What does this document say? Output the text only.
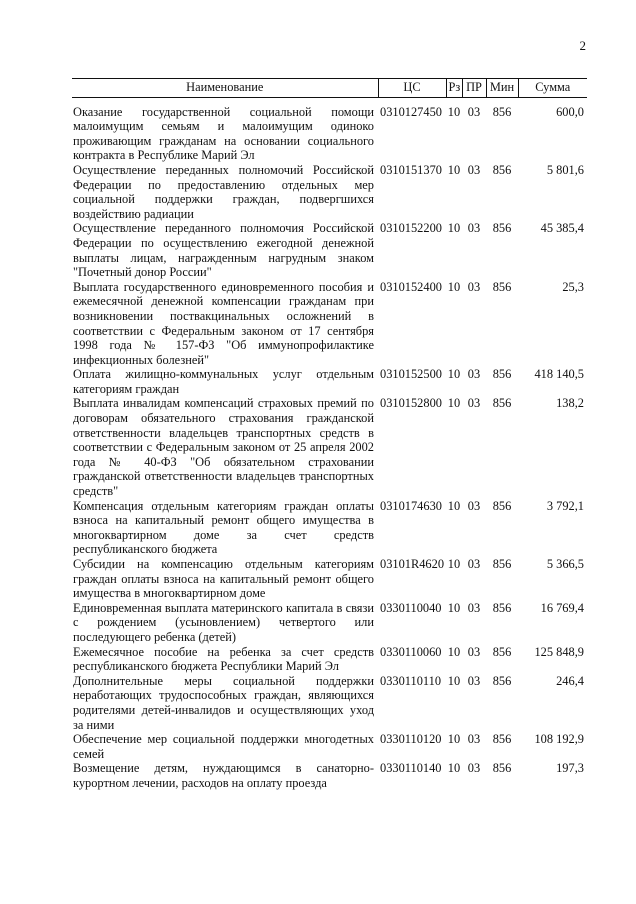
2
Наименование	ЦС	Рз	ПР	Мин	Сумма
Оказание государственной социальной помощи малоимущим семьям и малоимущим одиноко проживающим гражданам на основании социального контракта в Республике Марий Эл	0310127450	10	03	856	600,0
Осуществление переданных полномочий Российской Федерации по предоставлению отдельных мер социальной поддержки граждан, подвергшихся воздействию радиации	0310151370	10	03	856	5 801,6
Осуществление переданного полномочия Российской Федерации по осуществлению ежегодной денежной выплаты лицам, награжденным нагрудным знаком "Почетный донор России"	0310152200	10	03	856	45 385,4
Выплата государственного единовременного пособия и ежемесячной денежной компенсации гражданам при возникновении поствакцинальных осложнений в соответствии с Федеральным законом от 17 сентября 1998 года № 157-ФЗ "Об иммунопрофилактике инфекционных болезней"	0310152400	10	03	856	25,3
Оплата жилищно-коммунальных услуг отдельным категориям граждан	0310152500	10	03	856	418 140,5
Выплата инвалидам компенсаций страховых премий по договорам обязательного страхования гражданской ответственности владельцев транспортных средств в соответствии с Федеральным законом от 25 апреля 2002 года № 40-ФЗ "Об обязательном страховании гражданской ответственности владельцев транспортных средств"	0310152800	10	03	856	138,2
Компенсация отдельным категориям граждан оплаты взноса на капитальный ремонт общего имущества в многоквартирном доме за счет средств республиканского бюджета	0310174630	10	03	856	3 792,1
Субсидии на компенсацию отдельным категориям граждан оплаты взноса на капитальный ремонт общего имущества в многоквартирном доме	03101R4620	10	03	856	5 366,5
Единовременная выплата материнского капитала в связи с рождением (усыновлением) четвертого или последующего ребенка (детей)	0330110040	10	03	856	16 769,4
Ежемесячное пособие на ребенка за счет средств республиканского бюджета Республики Марий Эл	0330110060	10	03	856	125 848,9
Дополнительные меры социальной поддержки неработающих трудоспособных граждан, являющихся родителями детей-инвалидов и осуществляющих уход за ними	0330110110	10	03	856	246,4
Обеспечение мер социальной поддержки многодетных семей	0330110120	10	03	856	108 192,9
Возмещение детям, нуждающимся в санаторно-курортном лечении, расходов на оплату проезда	0330110140	10	03	856	197,3
